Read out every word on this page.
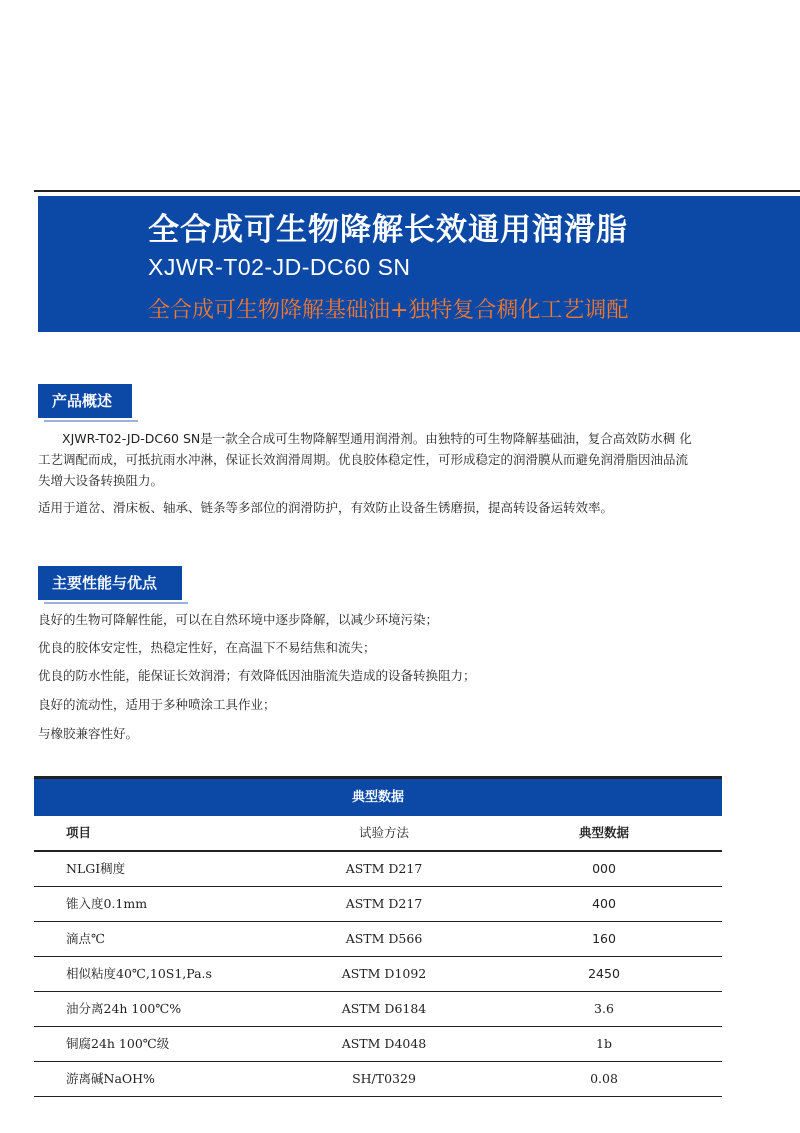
全合成可生物降解长效通用润滑脂
XJWR-T02-JD-DC60 SN
全合成可生物降解基础油+独特复合稠化工艺调配
产品概述
XJWR-T02-JD-DC60 SN是一款全合成可生物降解型通用润滑剂。由独特的可生物降解基础油，复合高效防水稠 化工艺调配而成，可抵抗雨水冲淋，保证长效润滑周期。优良胶体稳定性，可形成稳定的润滑膜从而避免润滑脂因油品流失增大设备转换阻力。
适用于道岔、滑床板、轴承、链条等多部位的润滑防护，有效防止设备生锈磨损，提高转设备运转效率。
主要性能与优点
良好的生物可降解性能，可以在自然环境中逐步降解，以减少环境污染；
优良的胶体安定性，热稳定性好，在高温下不易结焦和流失；
优良的防水性能，能保证长效润滑；有效降低因油脂流失造成的设备转换阻力；
良好的流动性，适用于多种喷涂工具作业；
与橡胶兼容性好。
典型数据
项目	试验方法	典型数据
NLGI稠度	ASTM D217	000
锥入度0.1mm	ASTM D217	400
滴点℃	ASTM D566	160
相似粘度40℃,10S1,Pa.s	ASTM D1092	2450
油分离24h 100℃%	ASTM D6184	3.6
铜腐24h 100℃级	ASTM D4048	1b
游离碱NaOH%	SH/T0329	0.08
